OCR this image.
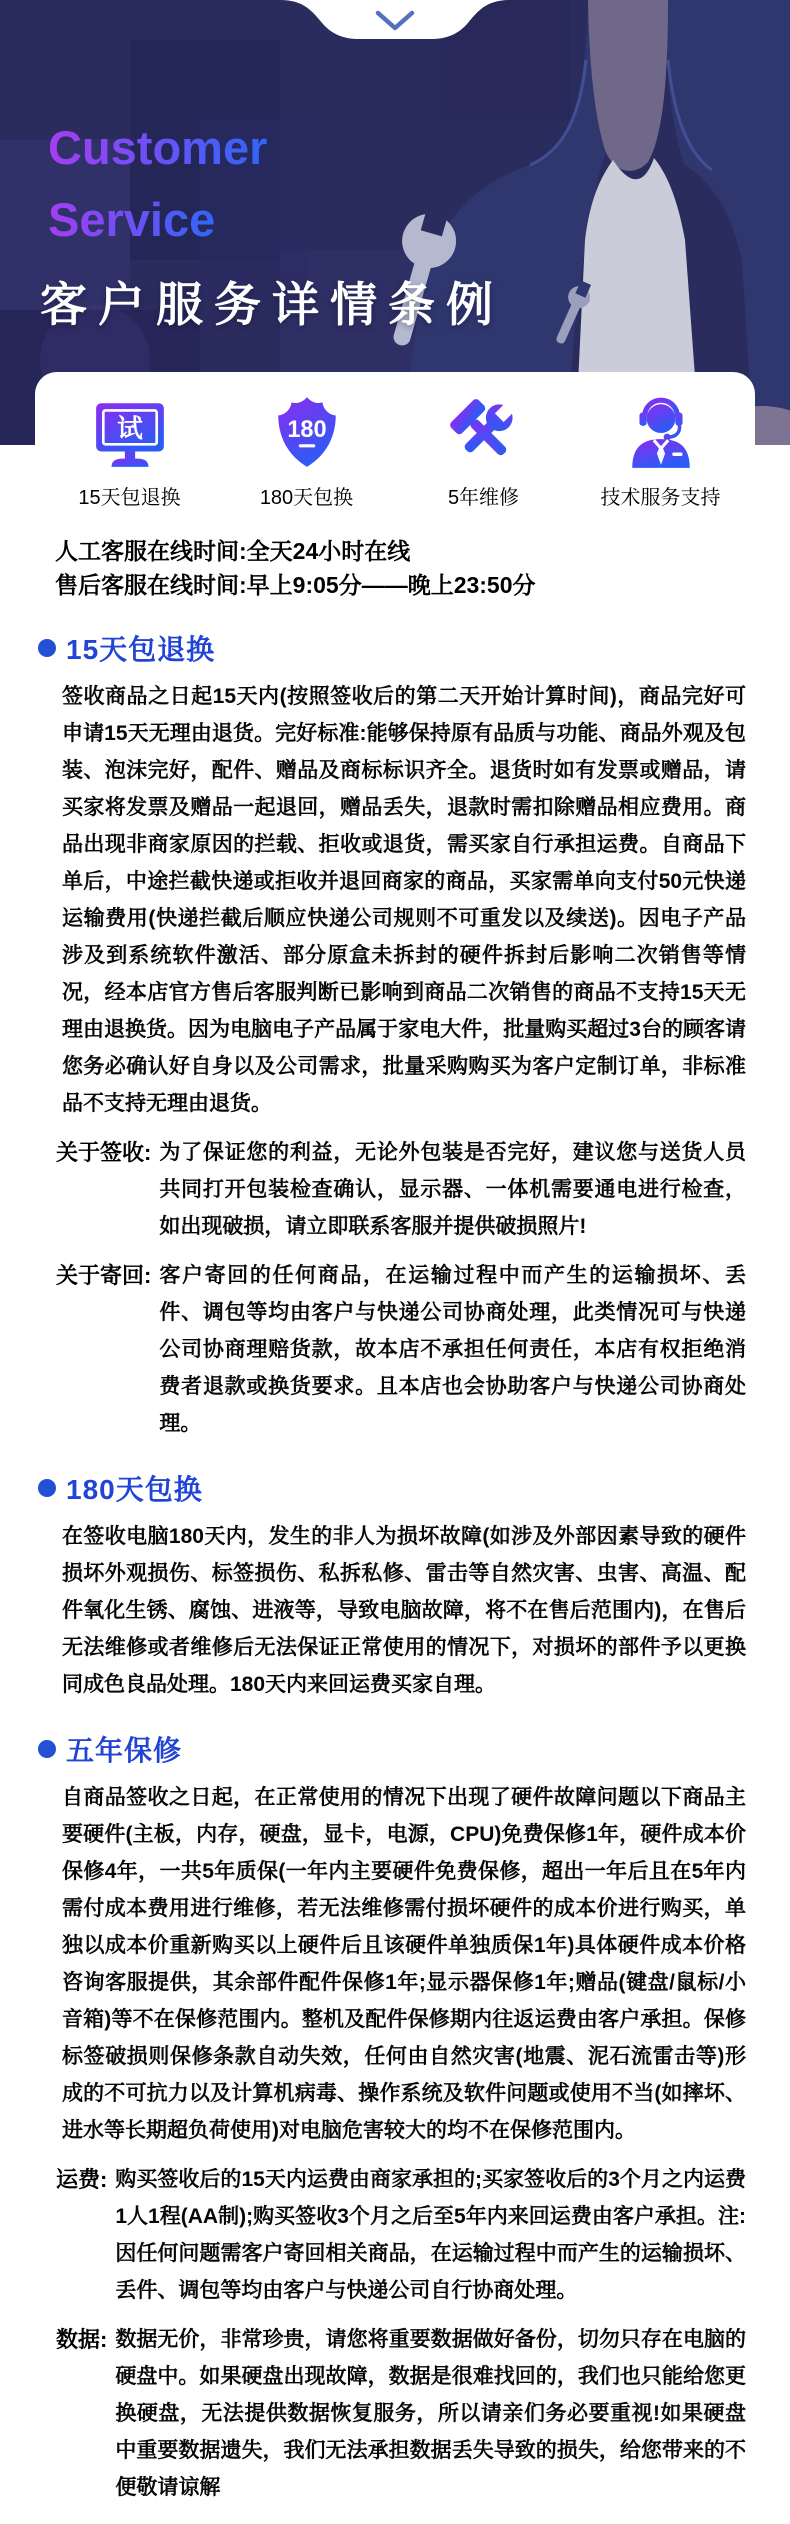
Customer
Service
客户服务详情条例
试
15天包退换
180
180天包换	5年维修	技术服务支持
人工客服在线时间:全天24小时在线
售后客服在线时间:早上9:05分——晚上23:50分
15天包退换
签收商品之日起15天内(按照签收后的第二天开始计算时间)，商品完好可申请15天无理由退货。完好标准:能够保持原有品质与功能、商品外观及包装、泡沫完好，配件、赠品及商标标识齐全。退货时如有发票或赠品，请买家将发票及赠品一起退回，赠品丢失，退款时需扣除赠品相应费用。商品出现非商家原因的拦载、拒收或退货，需买家自行承担运费。自商品下单后，中途拦截快递或拒收并退回商家的商品，买家需单向支付50元快递运输费用(快递拦截后顺应快递公司规则不可重发以及续送)。因电子产品涉及到系统软件激活、部分原盒未拆封的硬件拆封后影响二次销售等情况，经本店官方售后客服判断已影响到商品二次销售的商品不支持15天无理由退换货。因为电脑电子产品属于家电大件，批量购买超过3台的顾客请您务必确认好自身以及公司需求，批量采购购买为客户定制订单，非标准品不支持无理由退货。
关于签收: 为了保证您的利益，无论外包装是否完好，建议您与送货人员共同打开包装检查确认，显示器、一体机需要通电进行检查，如出现破损，请立即联系客服并提供破损照片!
关于寄回: 客户寄回的任何商品，在运输过程中而产生的运输损坏、丢件、调包等均由客户与快递公司协商处理，此类情况可与快递公司协商理赔货款，故本店不承担任何责任，本店有权拒绝消费者退款或换货要求。且本店也会协助客户与快递公司协商处理。
180天包换
在签收电脑180天内，发生的非人为损坏故障(如涉及外部因素导致的硬件损坏外观损伤、标签损伤、私拆私修、雷击等自然灾害、虫害、高温、配件氧化生锈、腐蚀、进液等，导致电脑故障，将不在售后范围内)，在售后无法维修或者维修后无法保证正常使用的情况下，对损坏的部件予以更换同成色良品处理。180天内来回运费买家自理。
五年保修
自商品签收之日起，在正常使用的情况下出现了硬件故障问题以下商品主要硬件(主板，内存，硬盘，显卡，电源，CPU)免费保修1年，硬件成本价保修4年，一共5年质保(一年内主要硬件免费保修，超出一年后且在5年内需付成本费用进行维修，若无法维修需付损坏硬件的成本价进行购买，单独以成本价重新购买以上硬件后且该硬件单独质保1年)具体硬件成本价格咨询客服提供，其余部件配件保修1年;显示器保修1年;赠品(键盘/鼠标/小音箱)等不在保修范围内。整机及配件保修期内往返运费由客户承担。保修标签破损则保修条款自动失效，任何由自然灾害(地震、泥石流雷击等)形成的不可抗力以及计算机病毒、操作系统及软件问题或使用不当(如摔坏、进水等长期超负荷使用)对电脑危害较大的均不在保修范围内。
运费: 购买签收后的15天内运费由商家承担的;买家签收后的3个月之内运费1人1程(AA制);购买签收3个月之后至5年内来回运费由客户承担。注:因任何问题需客户寄回相关商品，在运输过程中而产生的运输损坏、丢件、调包等均由客户与快递公司自行协商处理。
数据: 数据无价，非常珍贵，请您将重要数据做好备份，切勿只存在电脑的硬盘中。如果硬盘出现故障，数据是很难找回的，我们也只能给您更换硬盘，无法提供数据恢复服务，所以请亲们务必要重视!如果硬盘中重要数据遗失，我们无法承担数据丢失导致的损失，给您带来的不便敬请谅解
